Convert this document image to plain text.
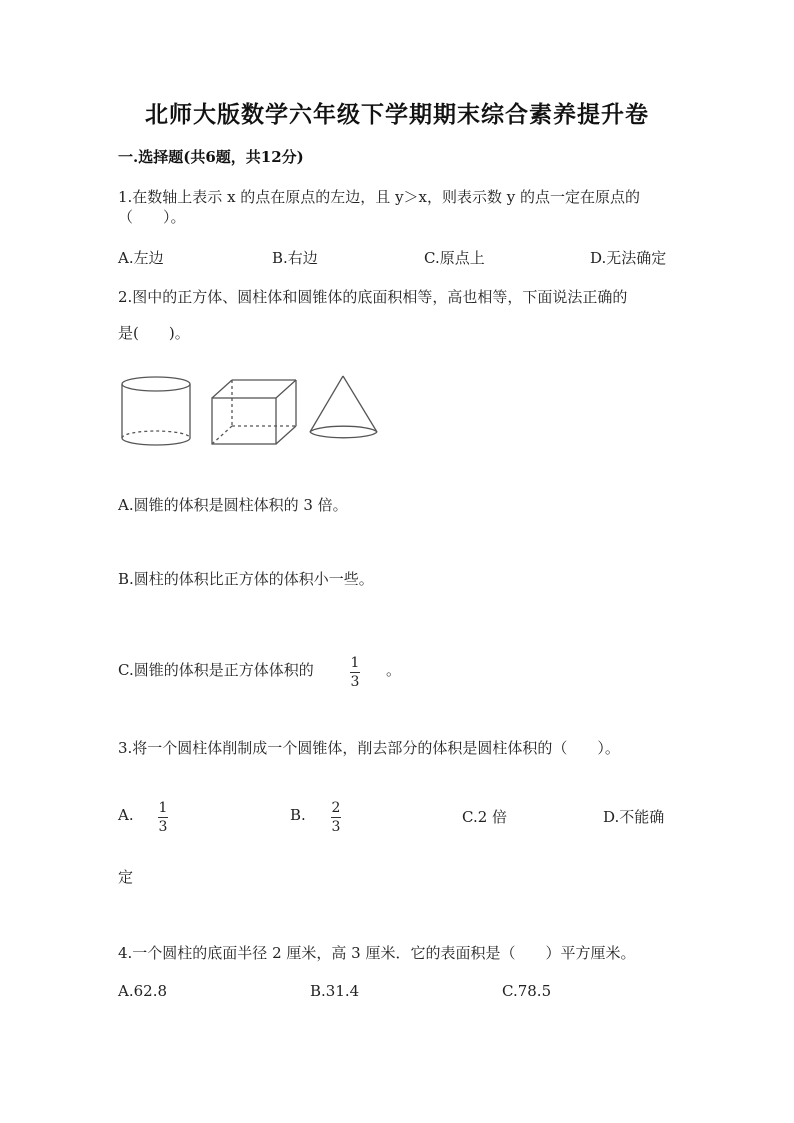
北师大版数学六年级下学期期末综合素养提升卷
一.选择题(共6题，共12分)
1.在数轴上表示 x 的点在原点的左边，且 y＞x，则表示数 y 的点一定在原点的
（　　）。
A.左边	B.右边	C.原点上	D.无法确定
2.图中的正方体、圆柱体和圆锥体的底面积相等，高也相等，下面说法正确的
是(　　)。
A.圆锥的体积是圆柱体积的 3 倍。
B.圆柱的体积比正方体的体积小一些。
C.圆锥的体积是正方体体积的	1
3
。
3.将一个圆柱体削制成一个圆锥体，削去部分的体积是圆柱体积的（　　）。
A. 1
3
B. 2
3
C.2 倍	D.不能确
定
4.一个圆柱的底面半径 2 厘米，高 3 厘米．它的表面积是（　　）平方厘米。
A.62.8	B.31.4	C.78.5
